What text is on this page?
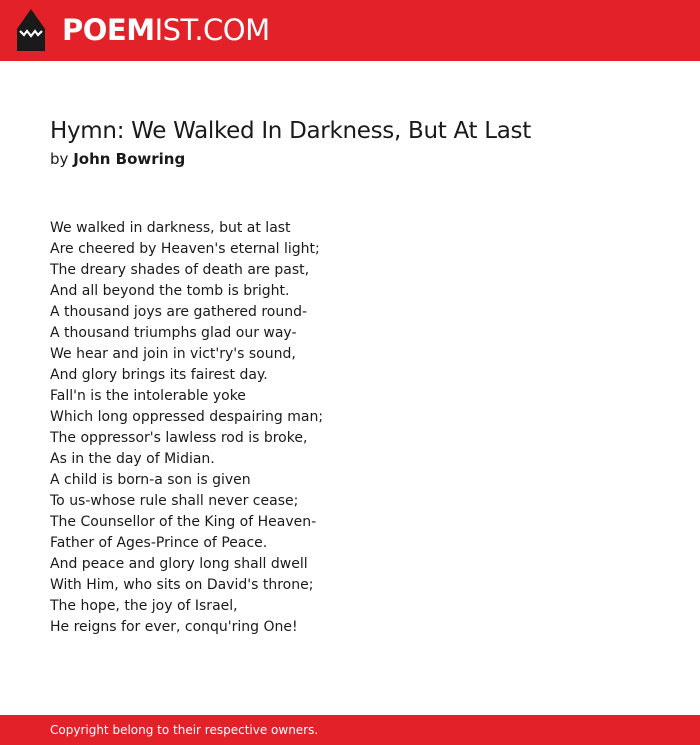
POEMIST.COM
Hymn: We Walked In Darkness, But At Last
by John Bowring
We walked in darkness, but at last
Are cheered by Heaven's eternal light;
The dreary shades of death are past,
And all beyond the tomb is bright.
A thousand joys are gathered round-
A thousand triumphs glad our way-
We hear and join in vict'ry's sound,
And glory brings its fairest day.
Fall'n is the intolerable yoke
Which long oppressed despairing man;
The oppressor's lawless rod is broke,
As in the day of Midian.
A child is born-a son is given
To us-whose rule shall never cease;
The Counsellor of the King of Heaven-
Father of Ages-Prince of Peace.
And peace and glory long shall dwell
With Him, who sits on David's throne;
The hope, the joy of Israel,
He reigns for ever, conqu'ring One!
Copyright belong to their respective owners.
